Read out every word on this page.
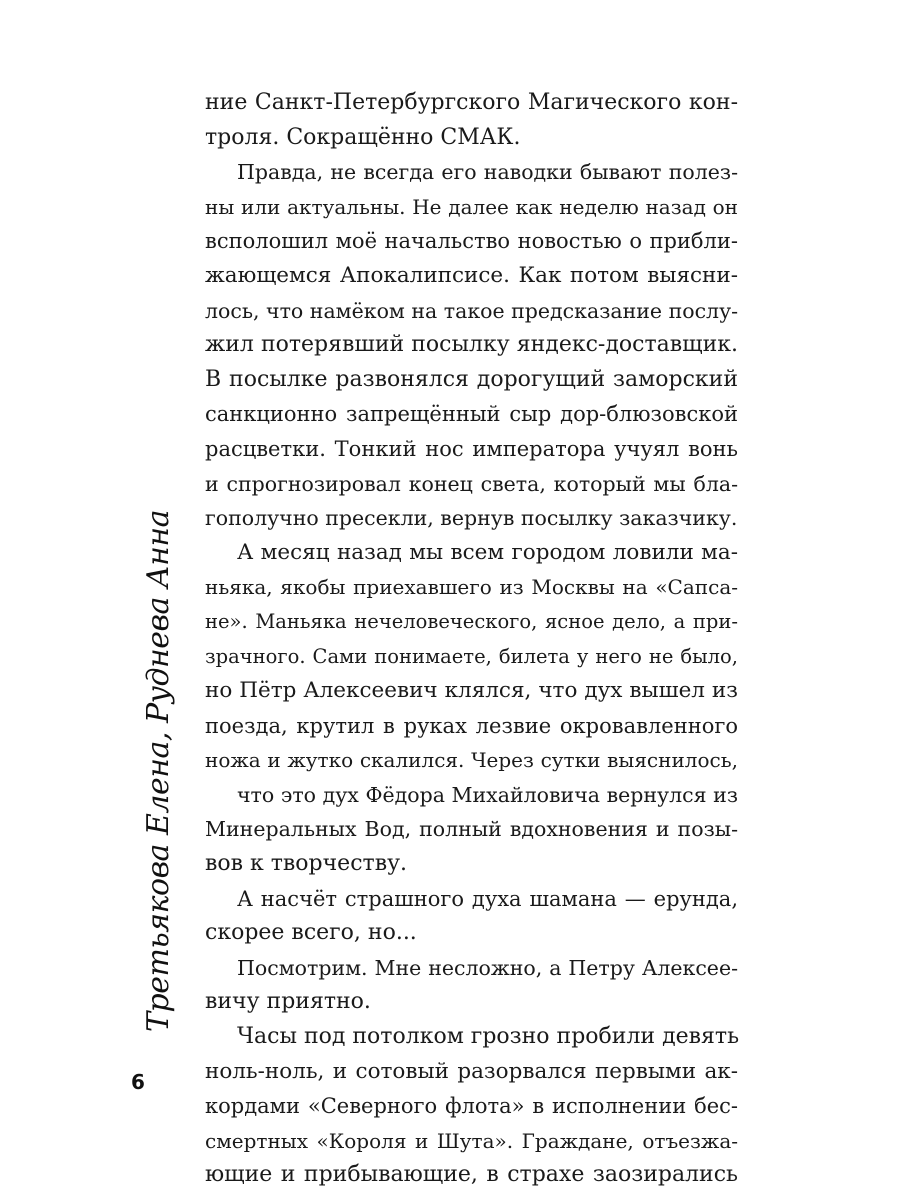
Третьякова Елена, Руднева Анна
ние Санкт-Петербургского Магического кон-
троля. Сокращённо СМАК.
Правда, не всегда его наводки бывают полез-
ны или актуальны. Не далее как неделю назад он
всполошил моё начальство новостью о прибли-
жающемся Апокалипсисе. Как потом выясни-
лось, что намёком на такое предсказание послу-
жил потерявший посылку яндекс-доставщик.
В посылке развонялся дорогущий заморский
санкционно запрещённый сыр дор-блюзовской
расцветки. Тонкий нос императора учуял вонь
и спрогнозировал конец света, который мы бла-
гополучно пресекли, вернув посылку заказчику.
А месяц назад мы всем городом ловили ма-
ньяка, якобы приехавшего из Москвы на «Сапса-
не». Маньяка нечеловеческого, ясное дело, а при-
зрачного. Сами понимаете, билета у него не было,
но Пётр Алексеевич клялся, что дух вышел из
поезда, крутил в руках лезвие окровавленного
ножа и жутко скалился. Через сутки выяснилось,
что это дух Фёдора Михайловича вернулся из
Минеральных Вод, полный вдохновения и позы-
вов к творчеству.
А насчёт страшного духа шамана — ерунда,
скорее всего, но...
Посмотрим. Мне несложно, а Петру Алексее-
вичу приятно.
Часы под потолком грозно пробили девять
ноль-ноль, и сотовый разорвался первыми ак-
кордами «Северного флота» в исполнении бес-
смертных «Короля и Шута». Граждане, отъезжа-
ющие и прибывающие, в страхе заозирались
6
